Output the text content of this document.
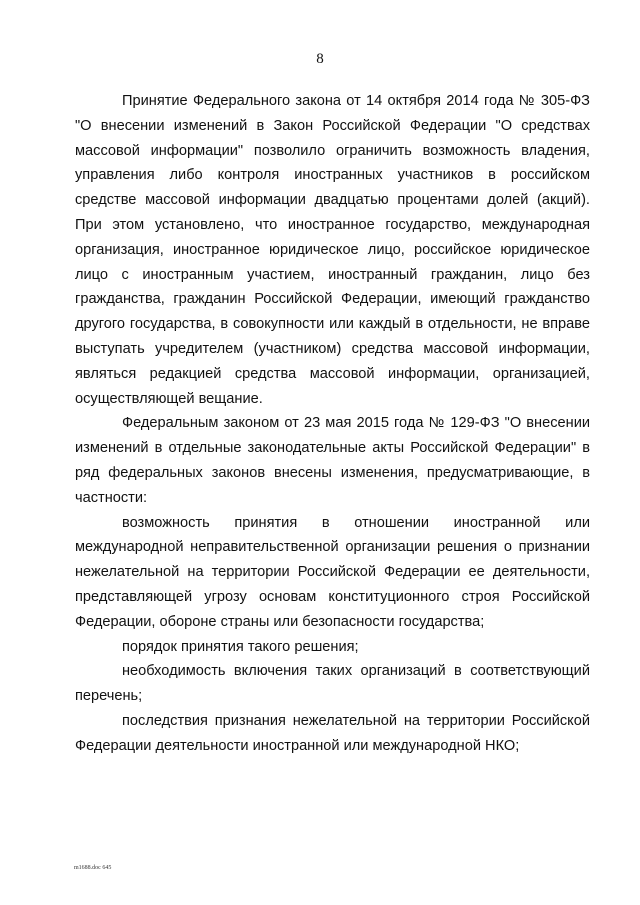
8

Принятие Федерального закона от 14 октября 2014 года № 305-ФЗ "О внесении изменений в Закон Российской Федерации "О средствах массовой информации" позволило ограничить возможность владения, управления либо контроля иностранных участников в российском средстве массовой информации двадцатью процентами долей (акций). При этом установлено, что иностранное государство, международная организация, иностранное юридическое лицо, российское юридическое лицо с иностранным участием, иностранный гражданин, лицо без гражданства, гражданин Российской Федерации, имеющий гражданство другого государства, в совокупности или каждый в отдельности, не вправе выступать учредителем (участником) средства массовой информации, являться редакцией средства массовой информации, организацией, осуществляющей вещание.

Федеральным законом от 23 мая 2015 года № 129-ФЗ "О внесении изменений в отдельные законодательные акты Российской Федерации" в ряд федеральных законов внесены изменения, предусматривающие, в частности:

возможность принятия в отношении иностранной или международной неправительственной организации решения о признании нежелательной на территории Российской Федерации ее деятельности, представляющей угрозу основам конституционного строя Российской Федерации, обороне страны или безопасности государства;

порядок принятия такого решения;

необходимость включения таких организаций в соответствующий перечень;

последствия признания нежелательной на территории Российской Федерации деятельности иностранной или международной НКО;

m1688.doc 645
